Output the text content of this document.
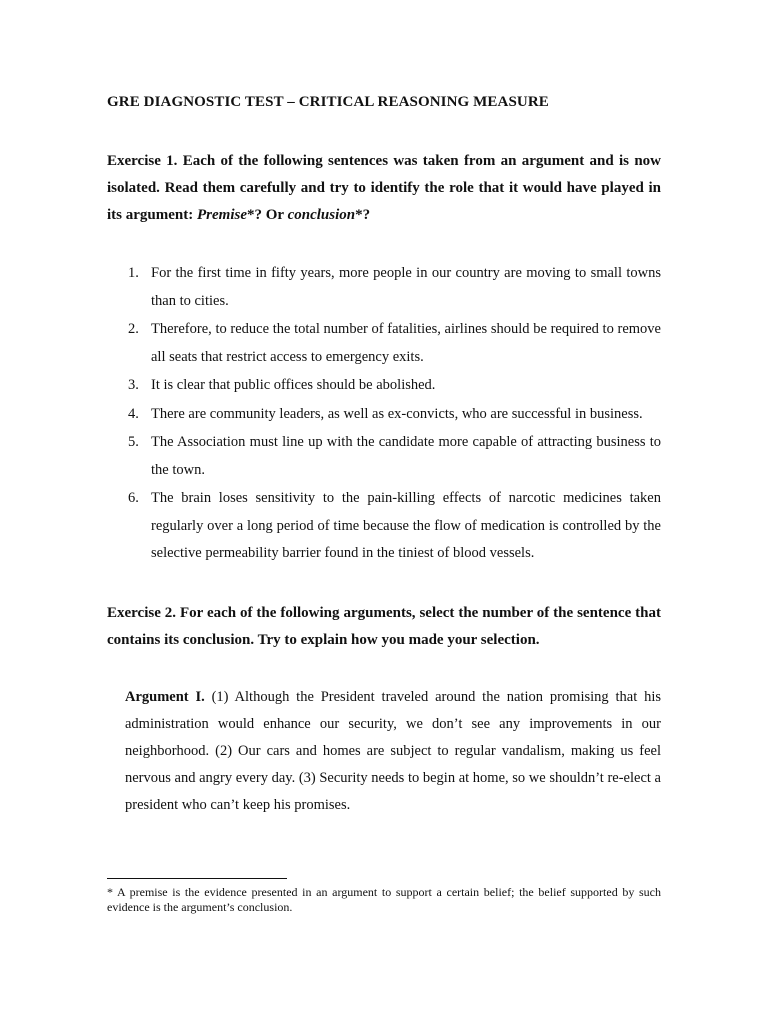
GRE DIAGNOSTIC TEST – CRITICAL REASONING MEASURE
Exercise 1. Each of the following sentences was taken from an argument and is now isolated. Read them carefully and try to identify the role that it would have played in its argument: Premise*? Or conclusion*?
1. For the first time in fifty years, more people in our country are moving to small towns than to cities.
2. Therefore, to reduce the total number of fatalities, airlines should be required to remove all seats that restrict access to emergency exits.
3. It is clear that public offices should be abolished.
4. There are community leaders, as well as ex-convicts, who are successful in business.
5. The Association must line up with the candidate more capable of attracting business to the town.
6. The brain loses sensitivity to the pain-killing effects of narcotic medicines taken regularly over a long period of time because the flow of medication is controlled by the selective permeability barrier found in the tiniest of blood vessels.
Exercise 2. For each of the following arguments, select the number of the sentence that contains its conclusion. Try to explain how you made your selection.
Argument I. (1) Although the President traveled around the nation promising that his administration would enhance our security, we don’t see any improvements in our neighborhood. (2) Our cars and homes are subject to regular vandalism, making us feel nervous and angry every day. (3) Security needs to begin at home, so we shouldn’t re-elect a president who can’t keep his promises.
* A premise is the evidence presented in an argument to support a certain belief; the belief supported by such evidence is the argument’s conclusion.
